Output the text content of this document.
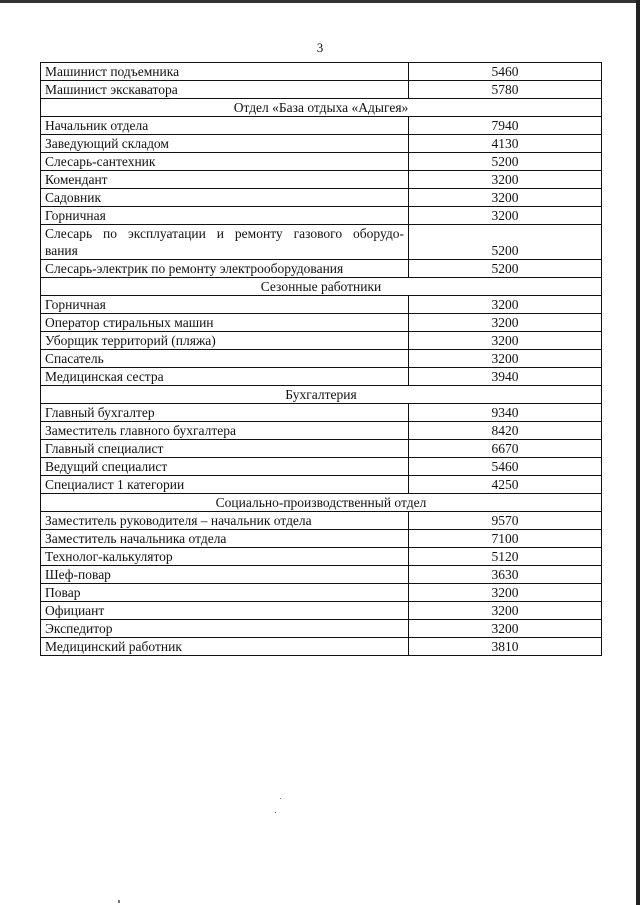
3
Машинист подъемника	5460
Машинист экскаватора	5780
Отдел «База отдыха «Адыгея»	
Начальник отдела	7940
Заведующий складом	4130
Слесарь-сантехник	5200
Комендант	3200
Садовник	3200
Горничная	3200

Слесарь по эксплуатации и ремонту газового оборудо-
вания	5200
Слесарь-электрик по ремонту электрооборудования	5200
Сезонные работники	
Горничная	3200
Оператор стиральных машин	3200
Уборщик территорий (пляжа)	3200
Спасатель	3200
Медицинская сестра	3940
Бухгалтерия	
Главный бухгалтер	9340
Заместитель главного бухгалтера	8420
Главный специалист	6670
Ведущий специалист	5460
Специалист 1 категории	4250
Социально-производственный отдел	
Заместитель руководителя – начальник отдела	9570
Заместитель начальника отдела	7100
Технолог-калькулятор	5120
Шеф-повар	3630
Повар	3200
Официант	3200
Экспедитор	3200
Медицинский работник	3810
